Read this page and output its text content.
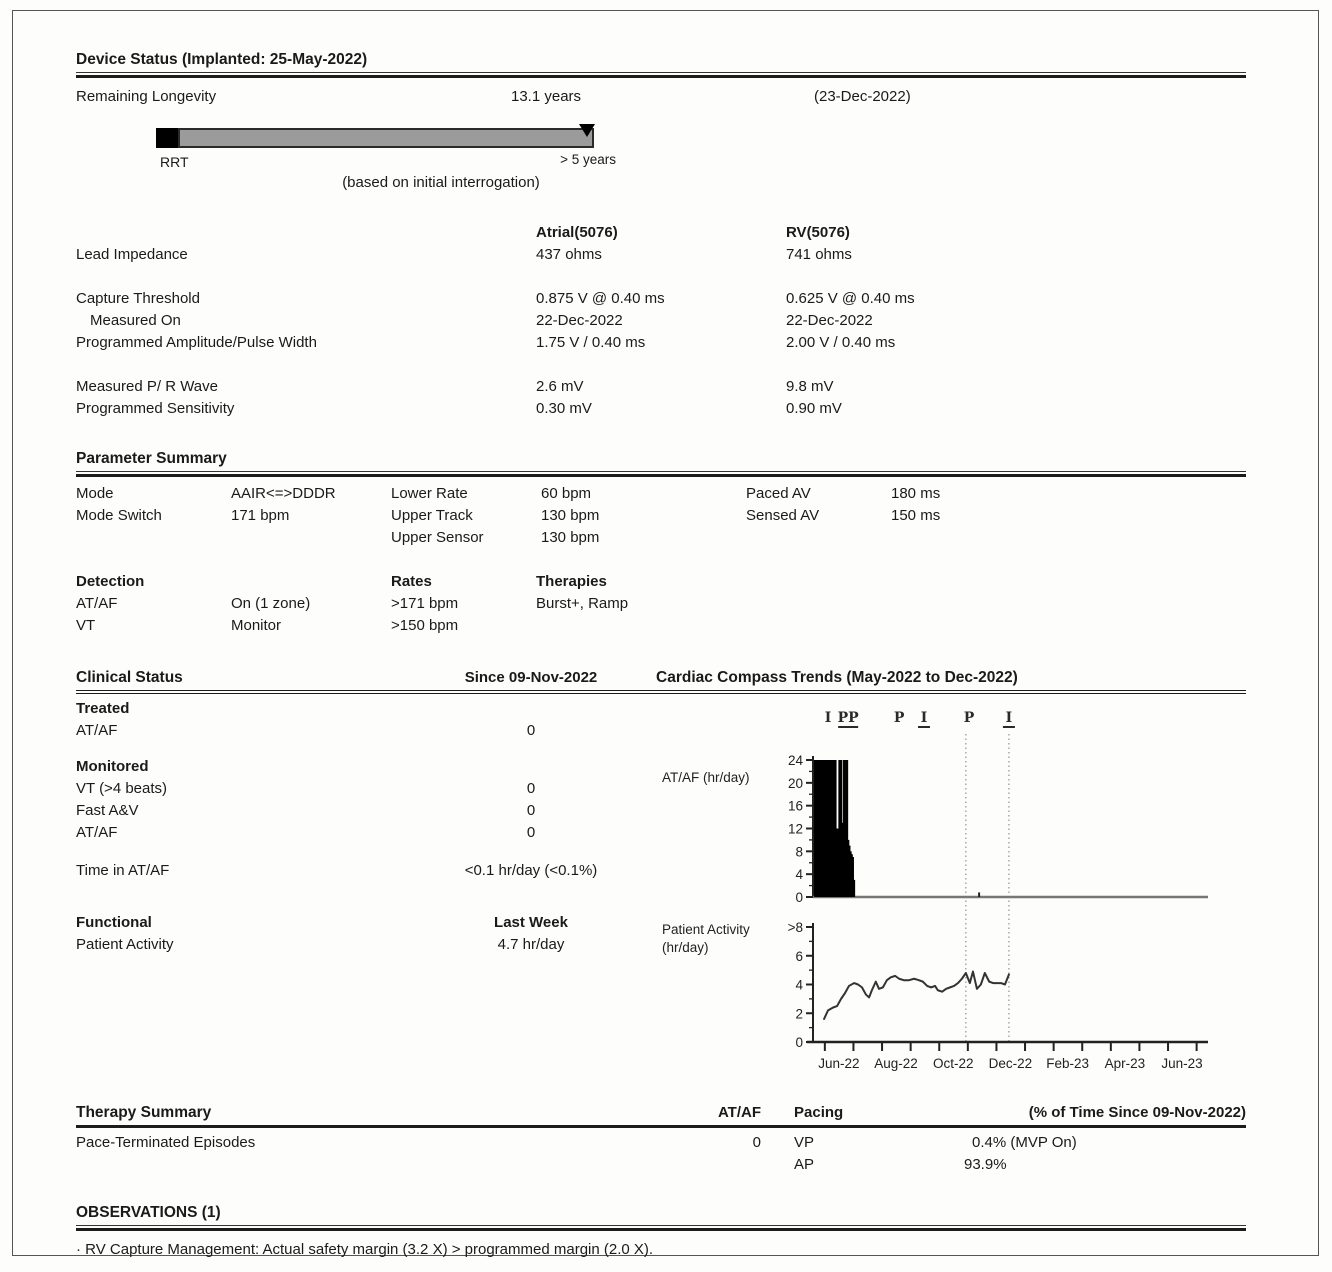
Device Status (Implanted: 25-May-2022)
Remaining Longevity	13.1 years	(23-Dec-2022)
RRT	> 5 years
(based on initial interrogation)
Atrial(5076)	RV(5076)
Lead Impedance	437 ohms	741 ohms
Capture Threshold	0.875 V @ 0.40 ms	0.625 V @ 0.40 ms
Measured On	22-Dec-2022	22-Dec-2022
Programmed Amplitude/Pulse Width	1.75 V / 0.40 ms	2.00 V / 0.40 ms
Measured P/ R Wave	2.6 mV	9.8 mV
Programmed Sensitivity	0.30 mV	0.90 mV
Parameter Summary
Mode	AAIR<=>DDDR	Lower Rate	60 bpm	Paced AV	180 ms
Mode Switch	171 bpm	Upper Track	130 bpm	Sensed AV	150 ms
Upper Sensor	130 bpm
Detection	Rates	Therapies
AT/AF	On (1 zone)	>171 bpm	Burst+, Ramp
VT	Monitor	>150 bpm
Clinical Status	Since 09-Nov-2022	Cardiac Compass Trends (May-2022 to Dec-2022)
Treated
AT/AF	0
Monitored
VT (>4 beats)	0
Fast A&V	0
AT/AF	0
Time in AT/AF	<0.1 hr/day (<0.1%)
Functional	Last Week
Patient Activity	4.7 hr/day
I PP	P I	P I
0
4
8
12
16
20
24
AT/AF (hr/day)
0
2
4
6
>8
Patient Activity
(hr/day)
Jun-22 Aug-22 Oct-22 Dec-22 Feb-23 Apr-23 Jun-23
Therapy Summary	AT/AF Pacing	(% of Time Since 09-Nov-2022)
Pace-Terminated Episodes	0 VP	0.4% (MVP On)
AP	93.9%
OBSERVATIONS (1)
· RV Capture Management: Actual safety margin (3.2 X) > programmed margin (2.0 X).
